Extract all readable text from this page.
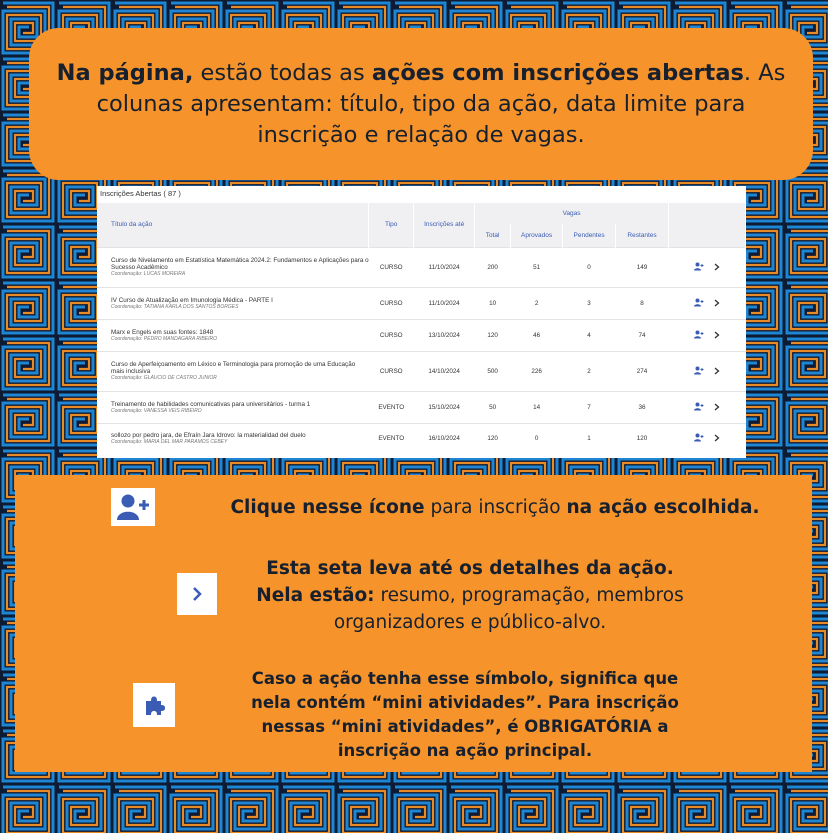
Na página, estão todas as ações com inscrições abertas. As colunas apresentam: título, tipo da ação, data limite para inscrição e relação de vagas.
Inscrições Abertas ( 87 )
Título da ação	Tipo	Inscrições até	Vagas				
			Total	Aprovados	Pendentes	Restantes	

Curso de Nivelamento em Estatística Matemática 2024.2: Fundamentos e Aplicações para o Sucesso Acadêmico
Coordenação: LUCAS MOREIRA	CURSO	11/10/2024	200	51	0	149	

IV Curso de Atualização em Imunologia Médica - PARTE I
Coordenação: TATIANA KARLA DOS SANTOS BORGES	CURSO	11/10/2024	10	2	3	8	

Marx e Engels em suas fontes: 1848
Coordenação: PEDRO MANDAGARA RIBEIRO	CURSO	13/10/2024	120	46	4	74	

Curso de Aperfeiçoamento em Léxico e Terminologia para promoção de uma Educação mais inclusiva
Coordenação: GLAUCIO DE CASTRO JUNIOR	CURSO	14/10/2024	500	226	2	274	

Treinamento de habilidades comunicativas para universitários - turma 1
Coordenação: VANESSA VEIS RIBEIRO	EVENTO	15/10/2024	50	14	7	36	

sollozo por pedro jara, de Efraín Jara Idrovo: la materialidad del duelo
Coordenação: MARIA DEL MAR PARAMOS CEBEY	EVENTO	16/10/2024	120	0	1	120	
Clique nesse ícone para inscrição na ação escolhida.
Esta seta leva até os detalhes da ação. Nela estão: resumo, programação, membros organizadores e público-alvo.
Caso a ação tenha esse símbolo, significa que nela contém “mini atividades”. Para inscrição nessas “mini atividades”, é OBRIGATÓRIA a inscrição na ação principal.
